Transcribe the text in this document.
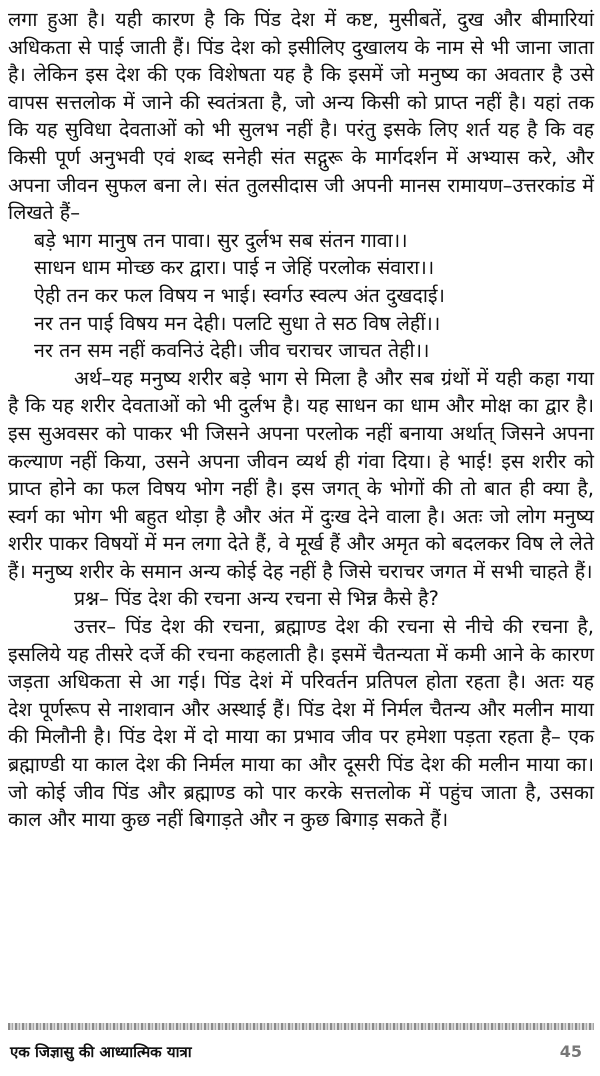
लगा हुआ है। यही कारण है कि पिंड देश में कष्ट, मुसीबतें, दुख और बीमारियां अधिकता से पाई जाती हैं। पिंड देश को इसीलिए दुखालय के नाम से भी जाना जाता है। लेकिन इस देश की एक विशेषता यह है कि इसमें जो मनुष्य का अवतार है उसे वापस सत्तलोक में जाने की स्वतंत्रता है, जो अन्य किसी को प्राप्त नहीं है। यहां तक कि यह सुविधा देवताओं को भी सुलभ नहीं है। परंतु इसके लिए शर्त यह है कि वह किसी पूर्ण अनुभवी एवं शब्द सनेही संत सद्गुरू के मार्गदर्शन में अभ्यास करे, और अपना जीवन सुफल बना ले। संत तुलसीदास जी अपनी मानस रामायण–उत्तरकांड में लिखते हैं–

बड़े भाग मानुष तन पावा। सुर दुर्लभ सब संतन गावा।।
साधन धाम मोच्छ कर द्वारा। पाई न जेहिं परलोक संवारा।।
ऐही तन कर फल विषय न भाई। स्वर्गउ स्वल्प अंत दुखदाई।
नर तन पाई विषय मन देही। पलटि सुधा ते सठ विष लेहीं।।
नर तन सम नहीं कवनिउं देही। जीव चराचर जाचत तेही।।

अर्थ–यह मनुष्य शरीर बड़े भाग से मिला है और सब ग्रंथों में यही कहा गया है कि यह शरीर देवताओं को भी दुर्लभ है। यह साधन का धाम और मोक्ष का द्वार है। इस सुअवसर को पाकर भी जिसने अपना परलोक नहीं बनाया अर्थात् जिसने अपना कल्याण नहीं किया, उसने अपना जीवन व्यर्थ ही गंवा दिया। हे भाई! इस शरीर को प्राप्त होने का फल विषय भोग नहीं है। इस जगत् के भोगों की तो बात ही क्या है, स्वर्ग का भोग भी बहुत थोड़ा है और अंत में दुःख देने वाला है। अतः जो लोग मनुष्य शरीर पाकर विषयों में मन लगा देते हैं, वे मूर्ख हैं और अमृत को बदलकर विष ले लेते हैं। मनुष्य शरीर के समान अन्य कोई देह नहीं है जिसे चराचर जगत में सभी चाहते हैं।

प्रश्न– पिंड देश की रचना अन्य रचना से भिन्न कैसे है?

उत्तर– पिंड देश की रचना, ब्रह्माण्ड देश की रचना से नीचे की रचना है, इसलिये यह तीसरे दर्जे की रचना कहलाती है। इसमें चैतन्यता में कमी आने के कारण जड़ता अधिकता से आ गई। पिंड देशं में परिवर्तन प्रतिपल होता रहता है। अतः यह देश पूर्णरूप से नाशवान और अस्थाई हैं। पिंड देश में निर्मल चैतन्य और मलीन माया की मिलौनी है। पिंड देश में दो माया का प्रभाव जीव पर हमेशा पड़ता रहता है– एक ब्रह्माण्डी या काल देश की निर्मल माया का और दूसरी पिंड देश की मलीन माया का। जो कोई जीव पिंड और ब्रह्माण्ड को पार करके सत्तलोक में पहुंच जाता है, उसका काल और माया कुछ नहीं बिगाड़ते और न कुछ बिगाड़ सकते हैं।

एक जिज्ञासु की आध्यात्मिक यात्रा	45
